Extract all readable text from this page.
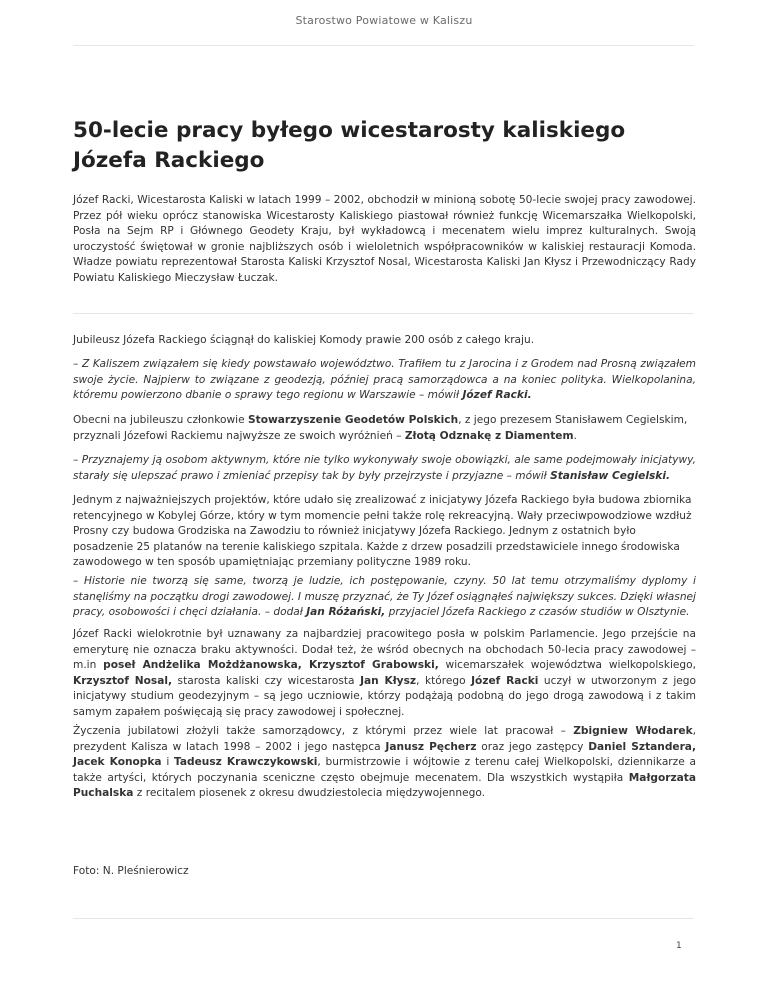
Starostwo Powiatowe w Kaliszu
50-lecie pracy byłego wicestarosty kaliskiego Józefa Rackiego

Józef Racki, Wicestarosta Kaliski w latach 1999 – 2002, obchodził w minioną sobotę 50-lecie swojej pracy zawodowej. Przez pół wieku oprócz stanowiska Wicestarosty Kaliskiego piastował również funkcję Wicemarszałka Wielkopolski, Posła na Sejm RP i Głównego Geodety Kraju, był wykładowcą i mecenatem wielu imprez kulturalnych. Swoją uroczystość świętował w gronie najbliższych osób i wieloletnich współpracowników w kaliskiej restauracji Komoda. Władze powiatu reprezentował Starosta Kaliski Krzysztof Nosal, Wicestarosta Kaliski Jan Kłysz i Przewodniczący Rady Powiatu Kaliskiego Mieczysław Łuczak.

Jubileusz Józefa Rackiego ściągnął do kaliskiej Komody prawie 200 osób z całego kraju.

– Z Kaliszem związałem się kiedy powstawało województwo. Trafiłem tu z Jarocina i z Grodem nad Prosną związałem swoje życie. Najpierw to związane z geodezją, później pracą samorządowca a na koniec polityka. Wielkopolanina, któremu powierzono dbanie o sprawy tego regionu w Warszawie – mówił Józef Racki.

Obecni na jubileuszu członkowie Stowarzyszenie Geodetów Polskich, z jego prezesem Stanisławem Cegielskim, przyznali Józefowi Rackiemu najwyższe ze swoich wyróżnień – Złotą Odznakę z Diamentem.

– Przyznajemy ją osobom aktywnym, które nie tylko wykonywały swoje obowiązki, ale same podejmowały inicjatywy, starały się ulepszać prawo i zmieniać przepisy tak by były przejrzyste i przyjazne – mówił Stanisław Cegielski.

Jednym z najważniejszych projektów, które udało się zrealizować z inicjatywy Józefa Rackiego była budowa zbiornika retencyjnego w Kobylej Górze, który w tym momencie pełni także rolę rekreacyjną. Wały przeciwpowodziowe wzdłuż Prosny czy budowa Grodziska na Zawodziu to również inicjatywy Józefa Rackiego. Jednym z ostatnich było posadzenie 25 platanów na terenie kaliskiego szpitala. Każde z drzew posadzili przedstawiciele innego środowiska zawodowego w ten sposób upamiętniając przemiany polityczne 1989 roku.

– Historie nie tworzą się same, tworzą je ludzie, ich postępowanie, czyny. 50 lat temu otrzymaliśmy dyplomy i stanęliśmy na początku drogi zawodowej. I muszę przyznać, że Ty Józef osiągnąłeś największy sukces. Dzięki własnej pracy, osobowości i chęci działania. – dodał Jan Różański, przyjaciel Józefa Rackiego z czasów studiów w Olsztynie.

Józef Racki wielokrotnie był uznawany za najbardziej pracowitego posła w polskim Parlamencie. Jego przejście na emeryturę nie oznacza braku aktywności. Dodał też, że wśród obecnych na obchodach 50-lecia pracy zawodowej – m.in poseł Andżelika Możdżanowska, Krzysztof Grabowski, wicemarszałek województwa wielkopolskiego, Krzysztof Nosal, starosta kaliski czy wicestarosta Jan Kłysz, którego Józef Racki uczył w utworzonym z jego inicjatywy studium geodezyjnym – są jego uczniowie, którzy podążają podobną do jego drogą zawodową i z takim samym zapałem poświęcają się pracy zawodowej i społecznej.

Życzenia jubilatowi złożyli także samorządowcy, z którymi przez wiele lat pracował – Zbigniew Włodarek, prezydent Kalisza w latach 1998 – 2002 i jego następca Janusz Pęcherz oraz jego zastępcy Daniel Sztandera, Jacek Konopka i Tadeusz Krawczykowski, burmistrzowie i wójtowie z terenu całej Wielkopolski, dziennikarze a także artyści, których poczynania sceniczne często obejmuje mecenatem. Dla wszystkich wystąpiła Małgorzata Puchalska z recitalem piosenek z okresu dwudziestolecia międzywojennego.

Foto: N. Pleśnierowicz

1
